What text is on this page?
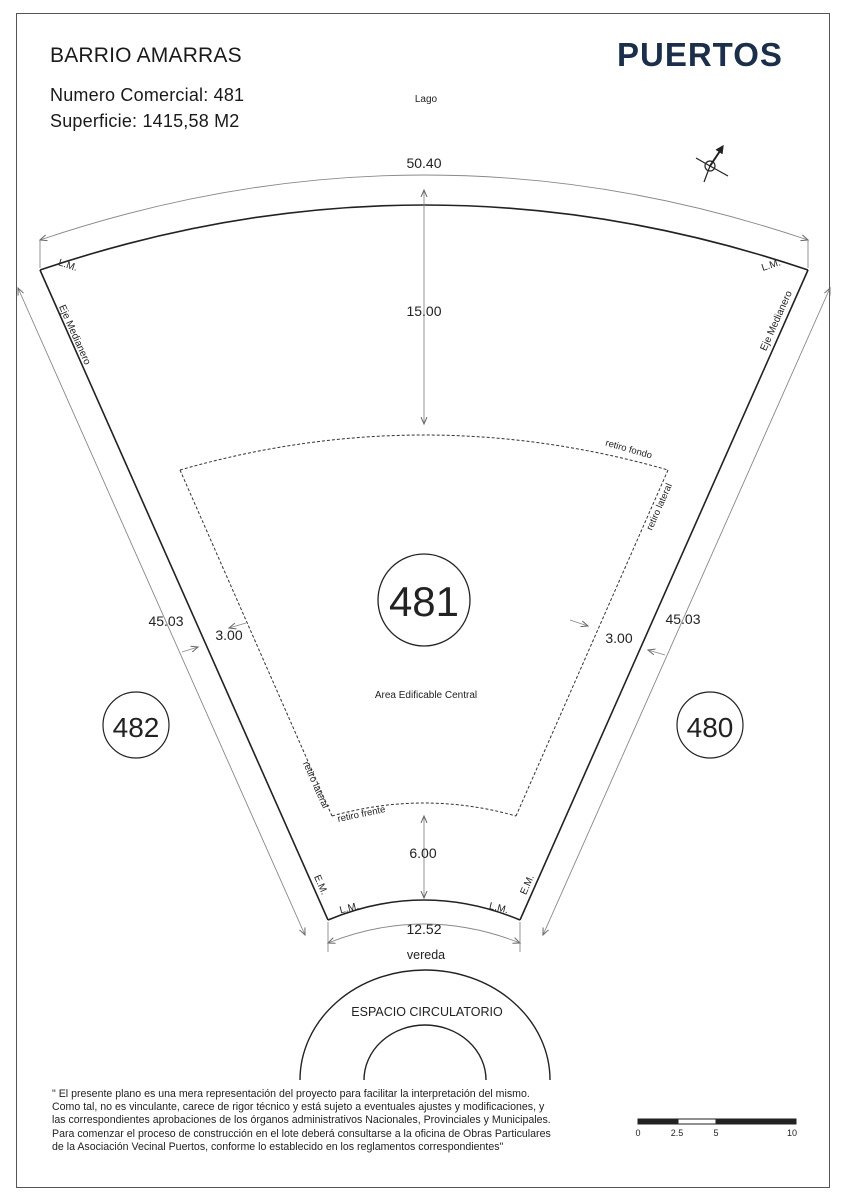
BARRIO AMARRAS
Numero Comercial: 481
Superficie: 1415,58 M2
PUERTOS
Lago
50.40
15.00
481
Area Edificable Central
482	480
45.03	45.03
3.00	3.00
6.00
12.52
vereda
L.M.	L.M.
Eje Medianero	Eje Medianero
retiro fondo
retiro lateral
retiro lateral
retiro frente
E.M.	E.M.
L.M.	L.M.
ESPACIO CIRCULATORIO
0	2.5	5	10

" El presente plano es una mera representación del proyecto para facilitar la interpretación del mismo.

Como tal, no es vinculante, carece de rigor técnico y está sujeto a eventuales ajustes y modificaciones, y

las correspondientes aprobaciones de los órganos administrativos Nacionales, Provinciales y Municipales.

Para comenzar el proceso de construcción en el lote deberá consultarse a la oficina de Obras Particulares

de la Asociación Vecinal Puertos, conforme lo establecido en los reglamentos correspondientes"
